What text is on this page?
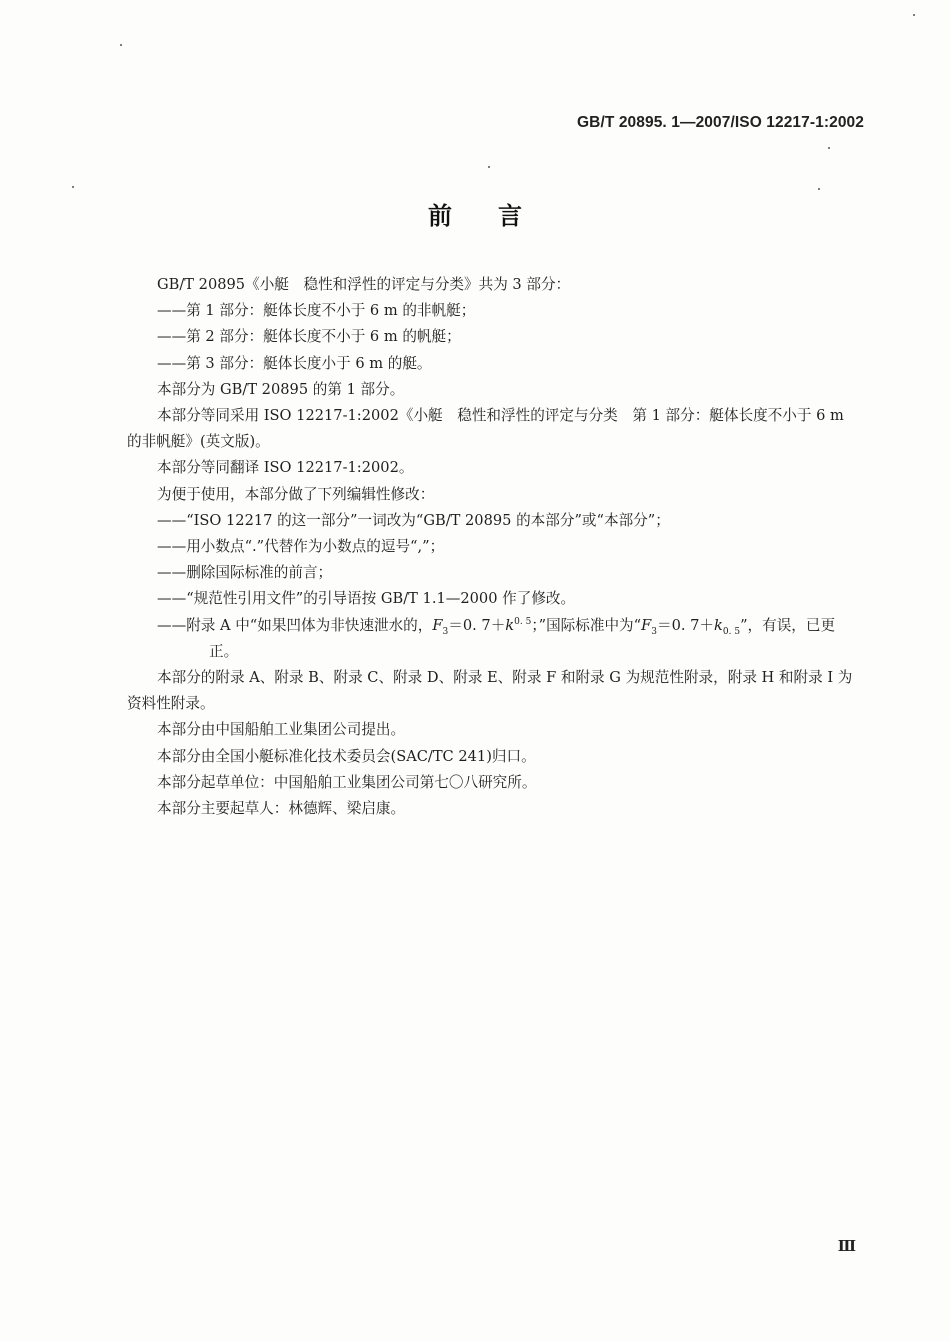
GB/T 20895. 1—2007/ISO 12217-1:2002
前言

GB/T 20895《小艇　稳性和浮性的评定与分类》共为 3 部分：

——第 1 部分：艇体长度不小于 6 m 的非帆艇；

——第 2 部分：艇体长度不小于 6 m 的帆艇；

——第 3 部分：艇体长度小于 6 m 的艇。

本部分为 GB/T 20895 的第 1 部分。

本部分等同采用 ISO 12217-1:2002《小艇　稳性和浮性的评定与分类　第 1 部分：艇体长度不小于 6 m 的非帆艇》(英文版)。

本部分等同翻译 ISO 12217-1:2002。

为便于使用，本部分做了下列编辑性修改：

——“ISO 12217 的这一部分”一词改为“GB/T 20895 的本部分”或“本部分”；

——用小数点“.”代替作为小数点的逗号“,”；

——删除国际标准的前言；

——“规范性引用文件”的引导语按 GB/T 1.1—2000 作了修改。

——附录 A 中“如果凹体为非快速泄水的，$F_3=0$. $7+k^{0. 5}$；”国际标准中为“$F_3=0$. $7+k_{0. 5}$”，有误，已更正。

本部分的附录 A、附录 B、附录 C、附录 D、附录 E、附录 F 和附录 G 为规范性附录，附录 H 和附录 I 为资料性附录。

本部分由中国船舶工业集团公司提出。

本部分由全国小艇标准化技术委员会(SAC/TC 241)归口。

本部分起草单位：中国船舶工业集团公司第七〇八研究所。

本部分主要起草人：林德辉、梁启康。

Ⅲ
